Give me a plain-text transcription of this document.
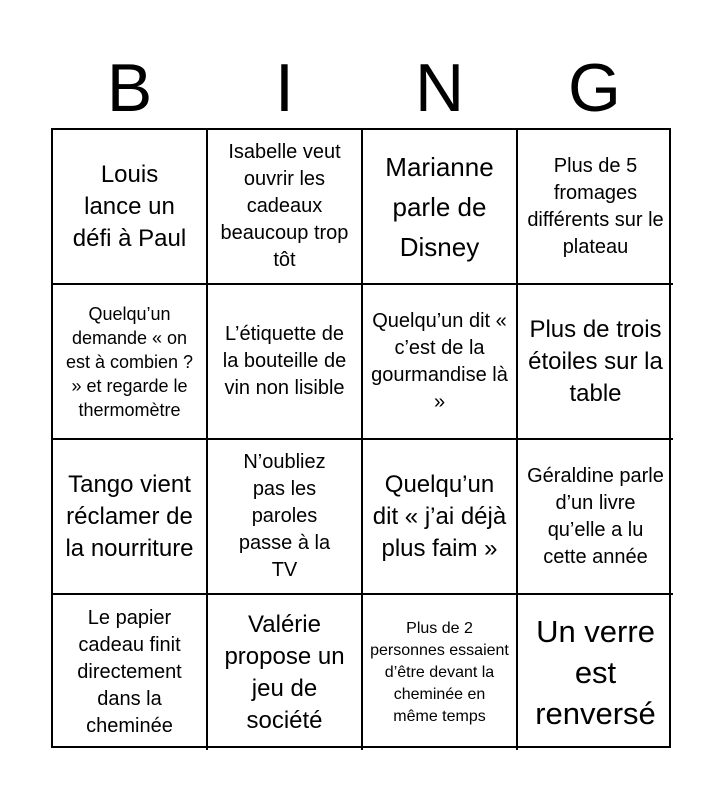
B	I	N	G
Louis lance un défi à Paul
Isabelle veut ouvrir les cadeaux beaucoup trop tôt
Marianne parle de Disney
Plus de 5 fromages différents sur le plateau
Quelqu’un demande « on est à combien ? » et regarde le thermomètre
L’étiquette de la bouteille de vin non lisible
Quelqu’un dit « c’est de la gourmandise là »
Plus de trois étoiles sur la table
Tango vient réclamer de la nourriture
N’oubliez pas les paroles passe à la TV
Quelqu’un dit « j’ai déjà plus faim »
Géraldine parle d’un livre qu’elle a lu cette année
Le papier cadeau finit directement dans la cheminée
Valérie propose un jeu de société
Plus de 2 personnes essaient d’être devant la cheminée en même temps
Un verre est renversé
